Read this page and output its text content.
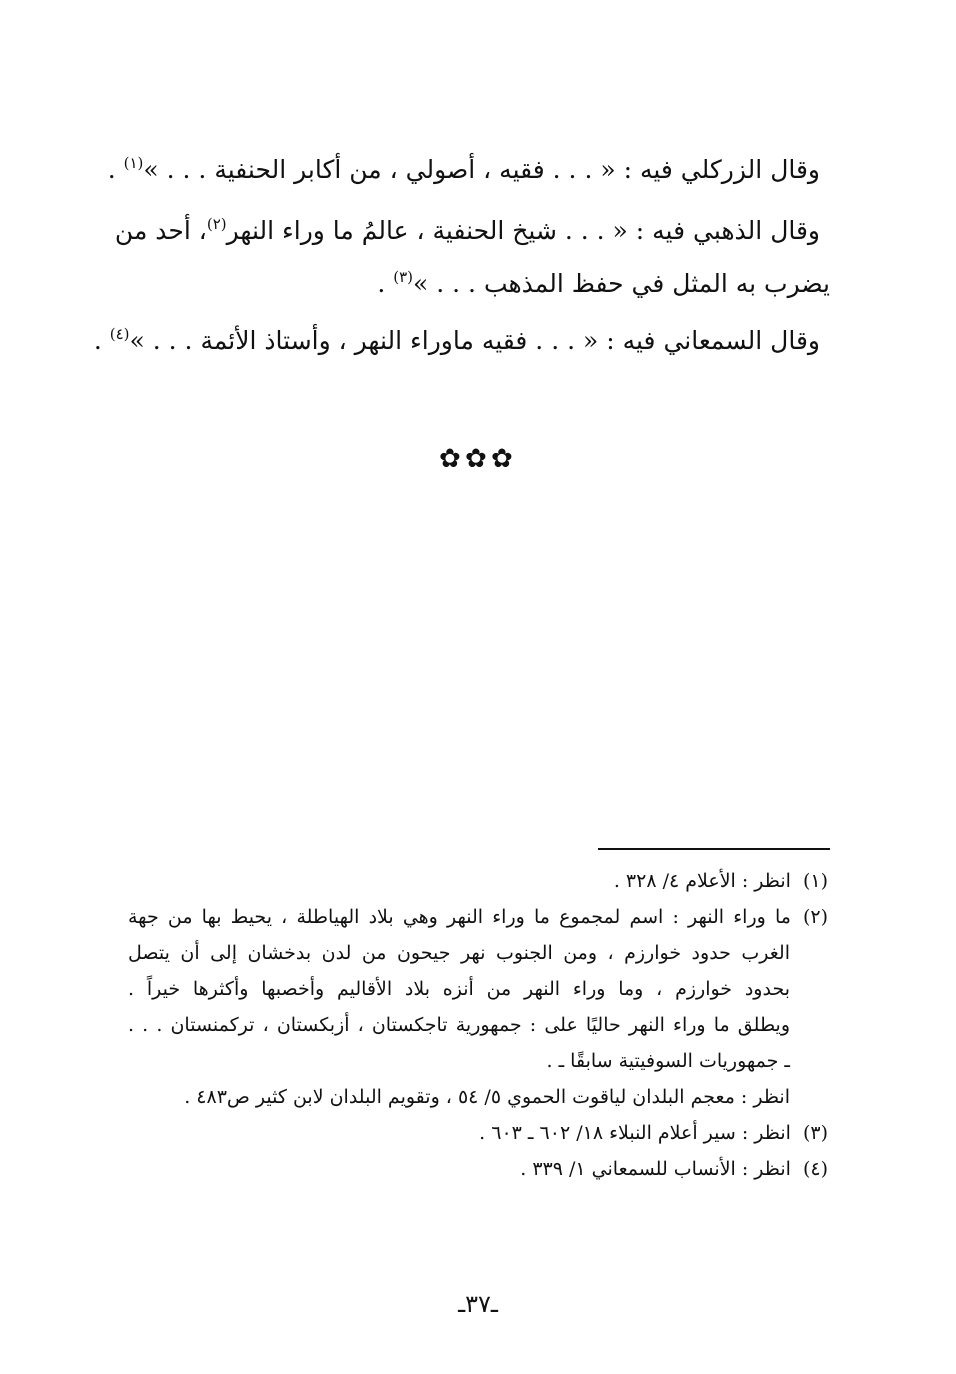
وقال الزركلي فيه : « . . . فقيه ، أصولي ، من أكابر الحنفية . . . »$^{(١)}$ .
وقال الذهبي فيه : « . . . شيخ الحنفية ، عالمُ ما وراء النهر$^{(٢)}$، أحد من
يضرب به المثل في حفظ المذهب . . . »$^{(٣)}$ .
وقال السمعاني فيه : « . . . فقيه ماوراء النهر ، وأستاذ الأئمة . . . »$^{(٤)}$ .
✿✿✿
(١)انظر : الأعلام ٤/ ٣٢٨ .
(٢)ما وراء النهر : اسم لمجموع ما وراء النهر وهي بلاد الهياطلة ، يحيط بها من جهة
الغرب حدود خوارزم ، ومن الجنوب نهر جيحون من لدن بدخشان إلى أن يتصل
بحدود خوارزم ، وما وراء النهر من أنزه بلاد الأقاليم وأخصبها وأكثرها خيراً .
ويطلق ما وراء النهر حاليًا على : جمهورية تاجكستان ، أزبكستان ، تركمنستان . . .
ـ جمهوريات السوفيتية سابقًا ـ .
انظر : معجم البلدان لياقوت الحموي ٥/ ٥٤ ، وتقويم البلدان لابن كثير ص٤٨٣ .
(٣)انظر : سير أعلام النبلاء ١٨/ ٦٠٢ ـ ٦٠٣ .
(٤)انظر : الأنساب للسمعاني ١/ ٣٣٩ .
ـ٣٧ـ
